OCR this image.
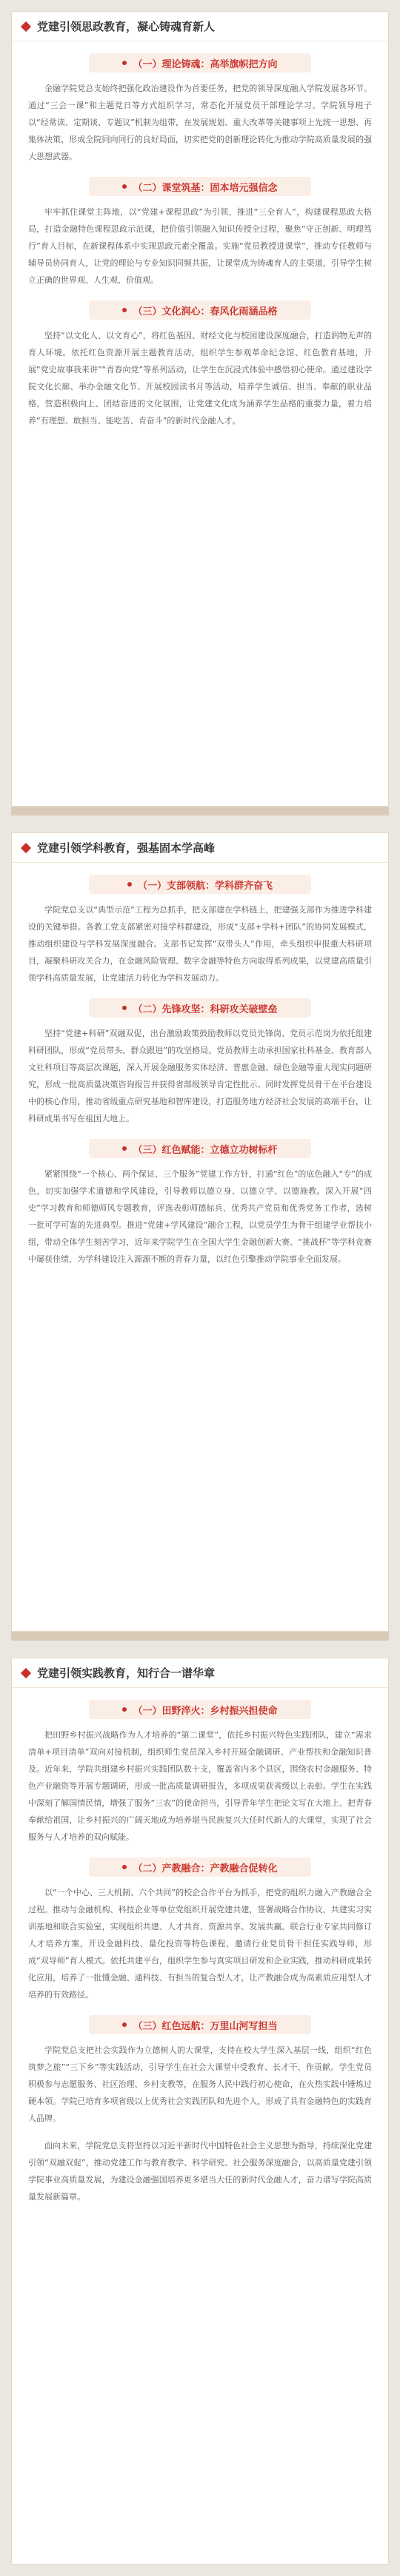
党建引领思政教育，凝心铸魂育新人
（一）理论铸魂：高举旗帜把方向

金融学院党总支始终把强化政治建设作为首要任务，把党的领导深度融入学院发展各环节。通过“三会一课”和主题党日等方式组织学习，常态化开展党员干部理论学习。学院领导班子以“经常读、定期谈、专题议”机制为组带，在发展规划、重大改革等关键事项上先统一思想、再集体决策，形成全院同向同行的良好局面，切实把党的创新理论转化为推动学院高质量发展的强大思想武器。

（二）课堂筑基：固本培元强信念

牢牢抓住课堂主阵地，以“党建+课程思政”为引领，推进“三全育人”，构建课程思政大格局，打造金融特色课程思政示范课，把价值引领融入知识传授全过程，聚焦“守正创新、明理笃行”育人目标，在新课程体系中实现思政元素全覆盖。实施“党员教授进课堂”，推动专任教师与辅导员协同育人，让党的理论与专业知识同频共振，让课堂成为铸魂育人的主渠道，引导学生树立正确的世界观、人生观、价值观。

（三）文化润心：春风化雨涵品格

坚持“以文化人、以文育心”，将红色基因、财经文化与校园建设深度融合，打造润物无声的育人环境。依托红色资源开展主题教育活动，组织学生参观革命纪念馆、红色教育基地，开展“党史故事我来讲”“青春向党”等系列活动，让学生在沉浸式体验中感悟初心使命。通过建设学院文化长廊、举办金融文化节、开展校园读书月等活动，培养学生诚信、担当、奉献的职业品格，营造积极向上、团结奋进的文化氛围，让党建文化成为涵养学生品格的重要力量，着力培养“有理想、敢担当、能吃苦、肯奋斗”的新时代金融人才。

党建引领学科教育，强基固本学高峰
（一）支部领航：学科群齐奋飞

学院党总支以“典型示范”工程为总抓手，把支部建在学科链上，把建强支部作为推进学科建设的关键举措。各教工党支部紧密对接学科群建设，形成“支部+学科+团队”的协同发展模式，推动组织建设与学科发展深度融合。支部书记发挥“双带头人”作用，牵头组织申报重大科研项目，凝聚科研攻关合力，在金融风险管理、数字金融等特色方向取得系列成果，以党建高质量引领学科高质量发展，让党建活力转化为学科发展动力。

（二）先锋攻坚：科研攻关破壁垒

坚持“党建+科研”双融双促，出台激励政策鼓励教师以党员先锋岗、党员示范岗为依托组建科研团队，形成“党员带头、群众跟进”的攻坚格局。党员教师主动承担国家社科基金、教育部人文社科项目等高层次课题，深入开展金融服务实体经济、普惠金融、绿色金融等重大现实问题研究，形成一批高质量决策咨询报告并获得省部级领导肯定性批示。同时发挥党员骨干在平台建设中的核心作用，推动省级重点研究基地和智库建设，打造服务地方经济社会发展的高端平台，让科研成果书写在祖国大地上。

（三）红色赋能：立德立功树标杆

紧紧围绕“一个核心、两个保证、三个服务”党建工作方针，打通“红色”的底色融入“专”的成色，切实加强学术道德和学风建设，引导教师以德立身、以德立学、以德施教。深入开展“四史”学习教育和师德师风专题教育，评选表彰师德标兵、优秀共产党员和优秀党务工作者，选树一批可学可鉴的先进典型。推进“党建+学风建设”融合工程，以党员学生为骨干组建学业帮扶小组，带动全体学生刻苦学习，近年来学院学生在全国大学生金融创新大赛、“挑战杯”等学科竞赛中屡获佳绩，为学科建设注入源源不断的青春力量，以红色引擎推动学院事业全面发展。

党建引领实践教育，知行合一谱华章
（一）田野淬火：乡村振兴担使命

把田野乡村振兴战略作为人才培养的“第二课堂”，依托乡村振兴特色实践团队，建立“需求清单+项目清单”双向对接机制，组织师生党员深入乡村开展金融调研、产业帮扶和金融知识普及。近年来，学院共组建乡村振兴实践团队数十支，覆盖省内多个县区，围绕农村金融服务、特色产业融资等开展专题调研，形成一批高质量调研报告，多项成果获省级以上表彰。学生在实践中深刻了解国情民情，增强了服务“三农”的使命担当，引导青年学生把论文写在大地上、把青春奉献给祖国，让乡村振兴的广阔天地成为培养堪当民族复兴大任时代新人的大课堂，实现了社会服务与人才培养的双向赋能。

（二）产教融合：产教融合促转化

以“一个中心、三大机制、六个共同”的校企合作平台为抓手，把党的组织力融入产教融合全过程。推动与金融机构、科技企业等单位党组织开展党建共建，签署战略合作协议，共建实习实训基地和联合实验室，实现组织共建、人才共育、资源共享、发展共赢。联合行业专家共同修订人才培养方案，开设金融科技、量化投资等特色课程，邀请行业党员骨干担任实践导师，形成“双导师”育人模式。依托共建平台，组织学生参与真实项目研发和企业实践，推动科研成果转化应用，培养了一批懂金融、通科技、有担当的复合型人才，让产教融合成为高素质应用型人才培养的有效路径。

（三）红色远航：万里山河写担当

学院党总支把社会实践作为立德树人的大课堂，支持在校大学生深入基层一线，组织“红色筑梦之旅”“三下乡”等实践活动，引导学生在社会大课堂中受教育、长才干、作贡献。学生党员积极参与志愿服务、社区治理、乡村支教等，在服务人民中践行初心使命，在火热实践中锤炼过硬本领。学院已培育多项省级以上优秀社会实践团队和先进个人，形成了具有金融特色的实践育人品牌。

面向未来，学院党总支将坚持以习近平新时代中国特色社会主义思想为指导，持续深化党建引领“双融双促”，推动党建工作与教育教学、科学研究、社会服务深度融合，以高质量党建引领学院事业高质量发展，为建设金融强国培养更多堪当大任的新时代金融人才，奋力谱写学院高质量发展新篇章。
